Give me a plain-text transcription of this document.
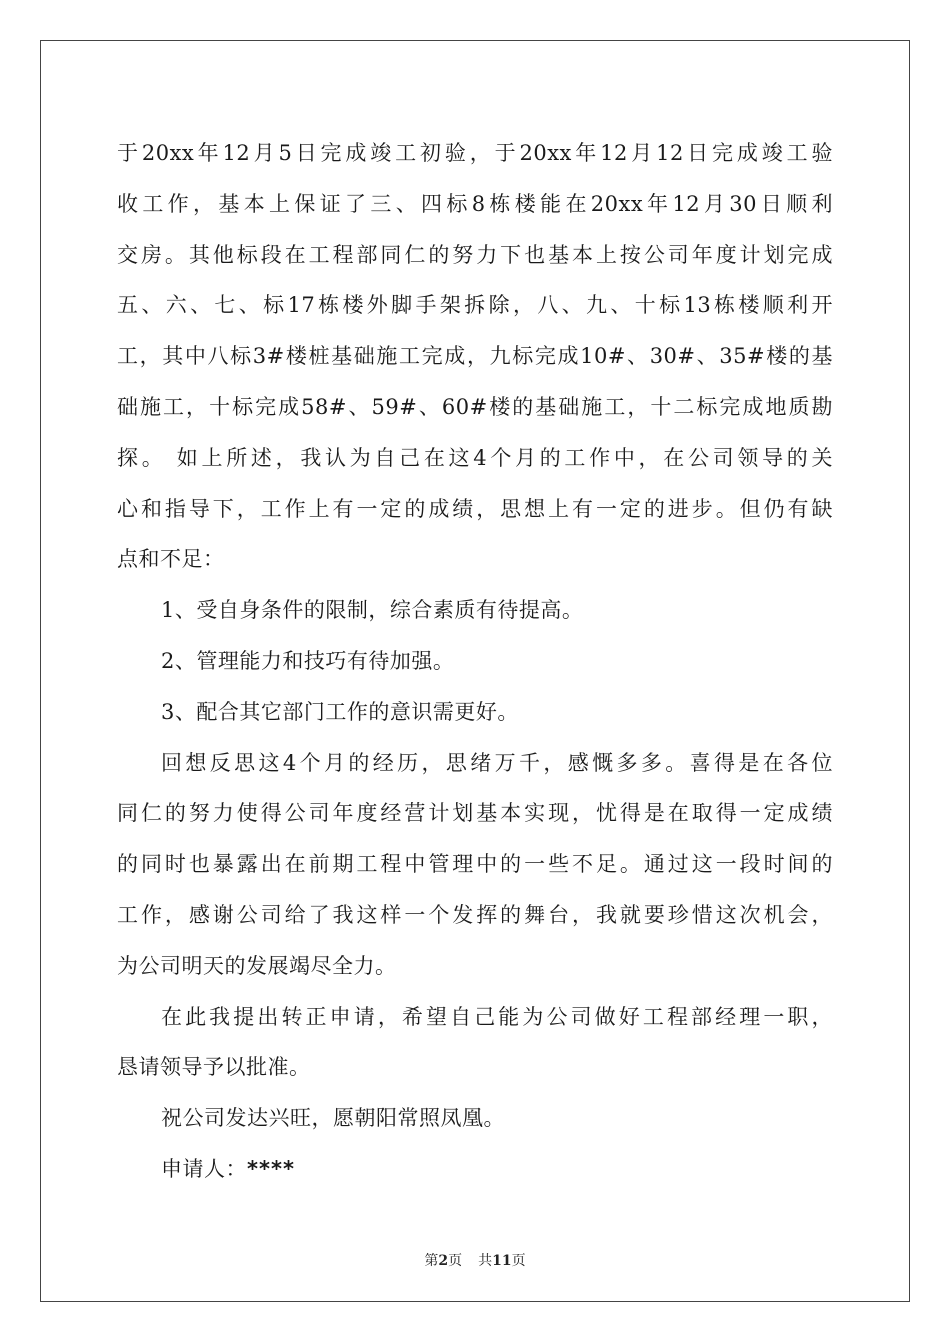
于20xx年12月5日完成竣工初验，于20xx年12月12日完成竣工验

收工作，基本上保证了三、四标8栋楼能在20xx年12月30日顺利

交房。其他标段在工程部同仁的努力下也基本上按公司年度计划完成

五、六、七、标17栋楼外脚手架拆除，八、九、十标13栋楼顺利开

工，其中八标3#楼桩基础施工完成，九标完成10#、30#、35#楼的基

础施工，十标完成58#、59#、60#楼的基础施工，十二标完成地质勘

探。 如上所述，我认为自己在这4个月的工作中，在公司领导的关

心和指导下，工作上有一定的成绩，思想上有一定的进步。但仍有缺

点和不足：

1、受自身条件的限制，综合素质有待提高。

2、管理能力和技巧有待加强。

3、配合其它部门工作的意识需更好。

回想反思这4个月的经历，思绪万千，感慨多多。喜得是在各位

同仁的努力使得公司年度经营计划基本实现，忧得是在取得一定成绩

的同时也暴露出在前期工程中管理中的一些不足。通过这一段时间的

工作，感谢公司给了我这样一个发挥的舞台，我就要珍惜这次机会，

为公司明天的发展竭尽全力。

在此我提出转正申请，希望自己能为公司做好工程部经理一职，

恳请领导予以批准。

祝公司发达兴旺，愿朝阳常照凤凰。

申请人：****

第2页 共11页
